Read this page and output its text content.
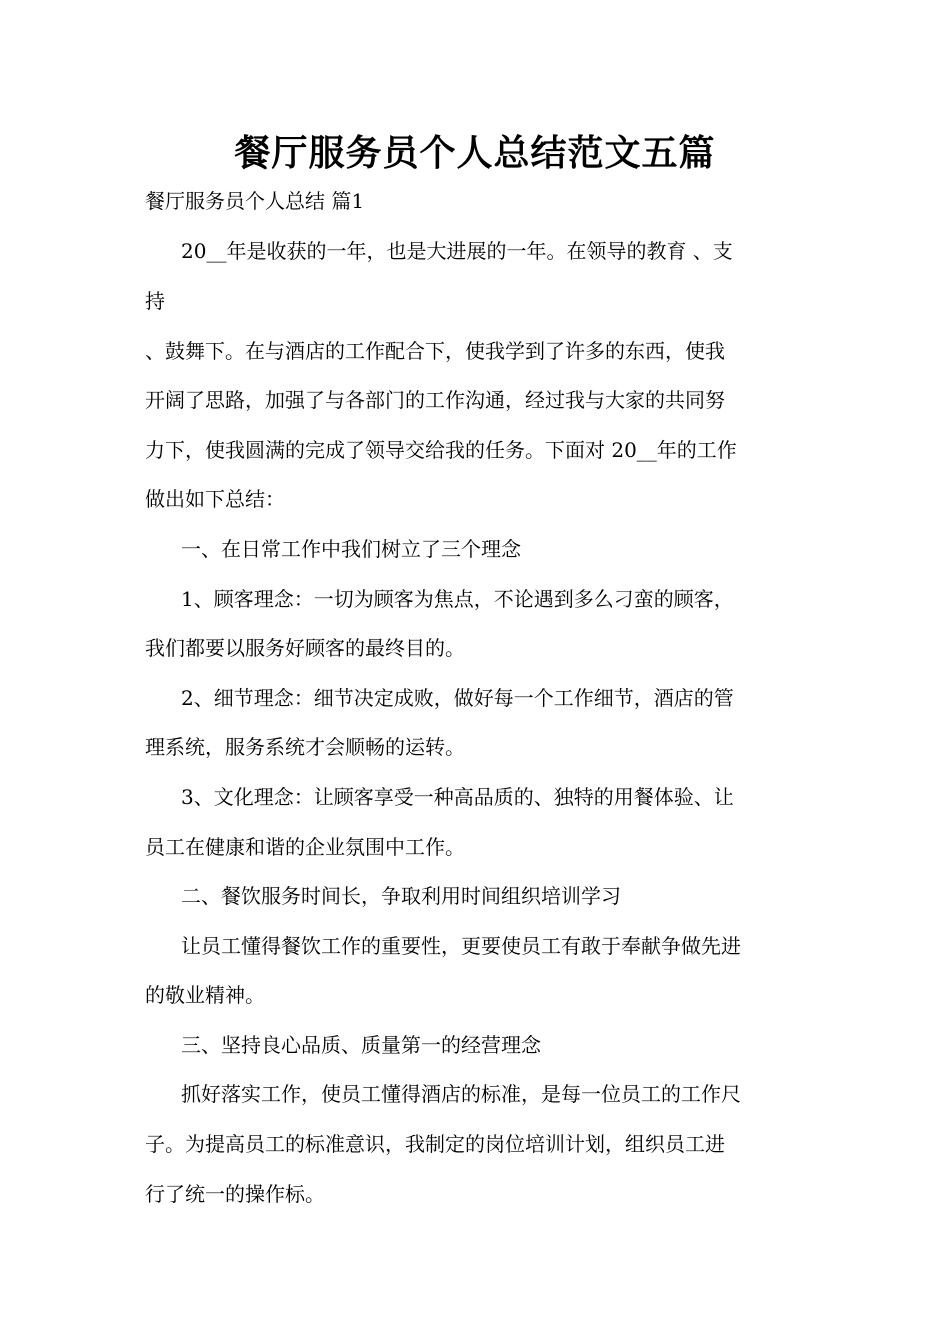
餐厅服务员个人总结范文五篇
餐厅服务员个人总结 篇1

20__年是收获的一年，也是大进展的一年。在领导的教育 、支

持

、鼓舞下。在与酒店的工作配合下，使我学到了许多的东西，使我

开阔了思路，加强了与各部门的工作沟通，经过我与大家的共同努

力下，使我圆满的完成了领导交给我的任务。下面对 20__年的工作

做出如下总结：

一、在日常工作中我们树立了三个理念

1、顾客理念：一切为顾客为焦点，不论遇到多么刁蛮的顾客，

我们都要以服务好顾客的最终目的。

2、细节理念：细节决定成败，做好每一个工作细节，酒店的管

理系统，服务系统才会顺畅的运转。

3、文化理念：让顾客享受一种高品质的、独特的用餐体验、让

员工在健康和谐的企业氛围中工作。

二、餐饮服务时间长，争取利用时间组织培训学习

让员工懂得餐饮工作的重要性，更要使员工有敢于奉献争做先进

的敬业精神。

三、坚持良心品质、质量第一的经营理念

抓好落实工作，使员工懂得酒店的标准，是每一位员工的工作尺

子。为提高员工的标准意识，我制定的岗位培训计划，组织员工进

行了统一的操作标。
